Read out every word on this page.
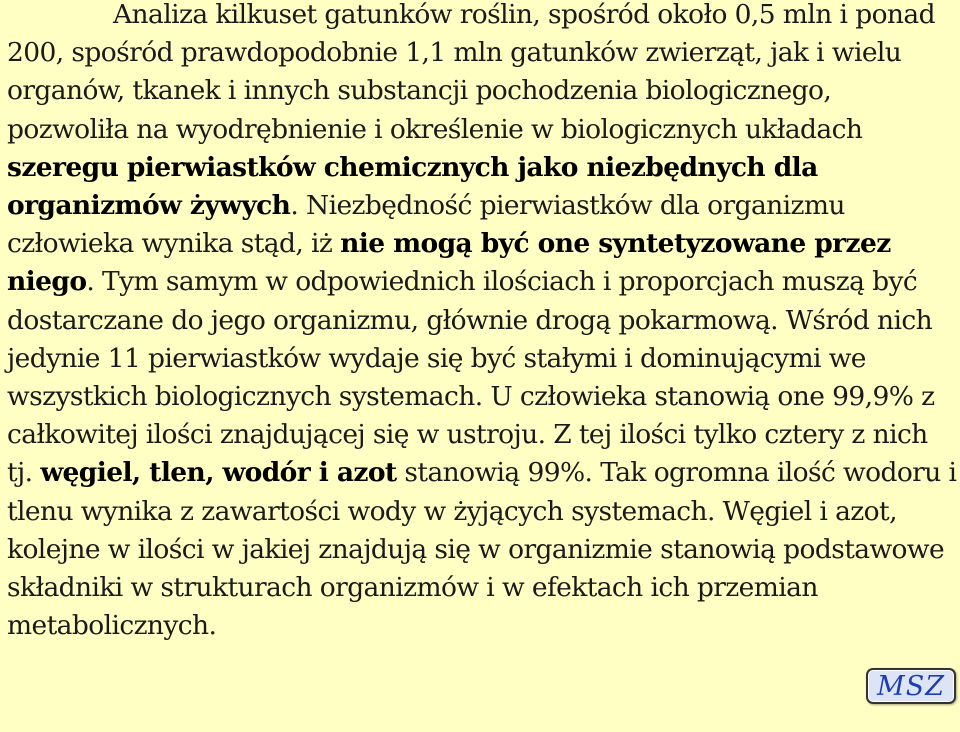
Analiza kilkuset gatunków roślin, spośród około 0,5 mln i ponad 200, spośród prawdopodobnie 1,1 mln gatunków zwierząt, jak i wielu organów, tkanek i innych substancji pochodzenia biologicznego, pozwoliła na wyodrębnienie i określenie w biologicznych układach szeregu pierwiastków chemicznych jako niezbędnych dla organizmów żywych. Niezbędność pierwiastków dla organizmu człowieka wynika stąd, iż nie mogą być one syntetyzowane przez niego. Tym samym w odpowiednich ilościach i proporcjach muszą być dostarczane do jego organizmu, głównie drogą pokarmową. Wśród nich jedynie 11 pierwiastków wydaje się być stałymi i dominującymi we wszystkich biologicznych systemach. U człowieka stanowią one 99,9% z całkowitej ilości znajdującej się w ustroju. Z tej ilości tylko cztery z nich tj. węgiel, tlen, wodór i azot stanowią 99%. Tak ogromna ilość wodoru i tlenu wynika z zawartości wody w żyjących systemach. Węgiel i azot, kolejne w ilości w jakiej znajdują się w organizmie stanowią podstawowe składniki w strukturach organizmów i w efektach ich przemian metabolicznych.

MSZ
